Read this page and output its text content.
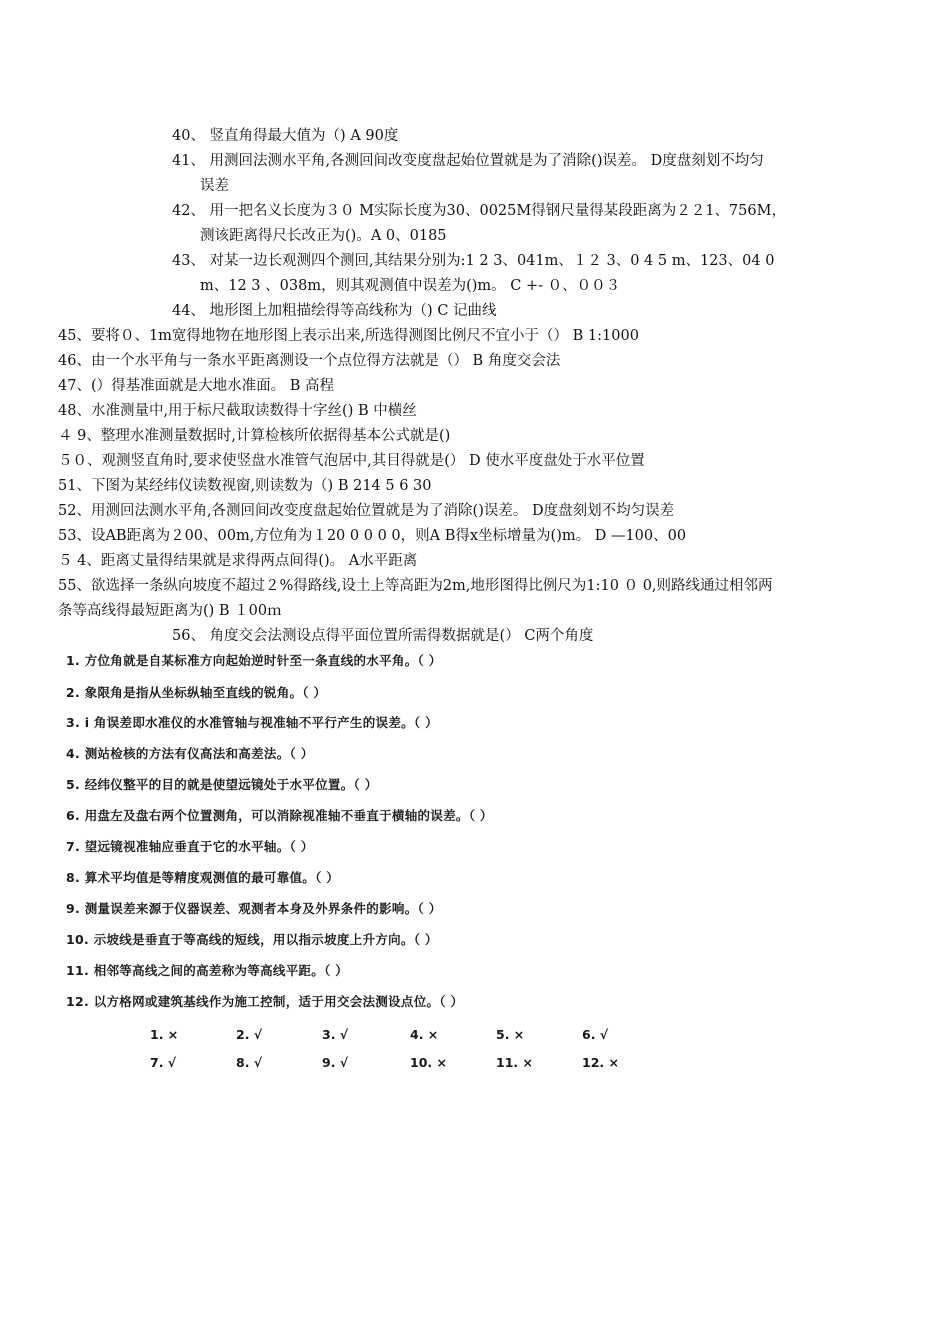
40、 竖直角得最大值为（) A 90度
41、 用测回法测水平角,各测回间改变度盘起始位置就是为了消除()误差。 D度盘刻划不均匀
误差
42、 用一把名义长度为３０ M实际长度为30、0025M得钢尺量得某段距离为２２1、756M，
测该距离得尺长改正为()。A 0、0185
43、 对某一边长观测四个测回,其结果分别为:1 2 3、041m、１２ 3、0 4 5 m、123、04 0
m、12 3 、038m，则其观测值中误差为()m。 C +- ０、００３
44、 地形图上加粗描绘得等高线称为（) C 记曲线
45、要将０、1m宽得地物在地形图上表示出来,所选得测图比例尺不宜小于（） B 1:1000
46、由一个水平角与一条水平距离测设一个点位得方法就是（） B 角度交会法
47、(）得基准面就是大地水准面。 B 高程
48、水准测量中,用于标尺截取读数得十字丝() B 中横丝
４ 9、整理水准测量数据时,计算检核所依据得基本公式就是()
５０、观测竖直角时,要求使竖盘水准管气泡居中,其目得就是(） D 使水平度盘处于水平位置
51、下图为某经纬仪读数视窗,则读数为（) B 214 5 6 30
52、用测回法测水平角,各测回间改变度盘起始位置就是为了消除()误差。 D度盘刻划不均匀误差
53、设AB距离为２00、00m,方位角为１20 0 0 0 0，则A B得x坐标增量为()m。 D —100、00
５ 4、距离丈量得结果就是求得两点间得()。 A水平距离
55、欲选择一条纵向坡度不超过２%得路线,设土上等高距为2m,地形图得比例尺为1:10 ０ 0,则路线通过相邻两
条等高线得最短距离为() B １00ｍ
56、 角度交会法测设点得平面位置所需得数据就是(） C两个角度
1. 方位角就是自某标准方向起始逆时针至一条直线的水平角。（ ）
2. 象限角是指从坐标纵轴至直线的锐角。（ ）
3. i 角误差即水准仪的水准管轴与视准轴不平行产生的误差。（ ）
4. 测站检核的方法有仪高法和高差法。（ ）
5. 经纬仪整平的目的就是使望远镜处于水平位置。（ ）
6. 用盘左及盘右两个位置测角，可以消除视准轴不垂直于横轴的误差。（ ）
7. 望远镜视准轴应垂直于它的水平轴。（ ）
8. 算术平均值是等精度观测值的最可靠值。（ ）
9. 测量误差来源于仪器误差、观测者本身及外界条件的影响。（ ）
10. 示坡线是垂直于等高线的短线，用以指示坡度上升方向。（ ）
11. 相邻等高线之间的高差称为等高线平距。（ ）
12. 以方格网或建筑基线作为施工控制，适于用交会法测设点位。（ ）
1. ×	2. √	3. √	4. ×	5. ×	6. √
7. √	8. √	9. √	10. ×	11. ×	12. ×
